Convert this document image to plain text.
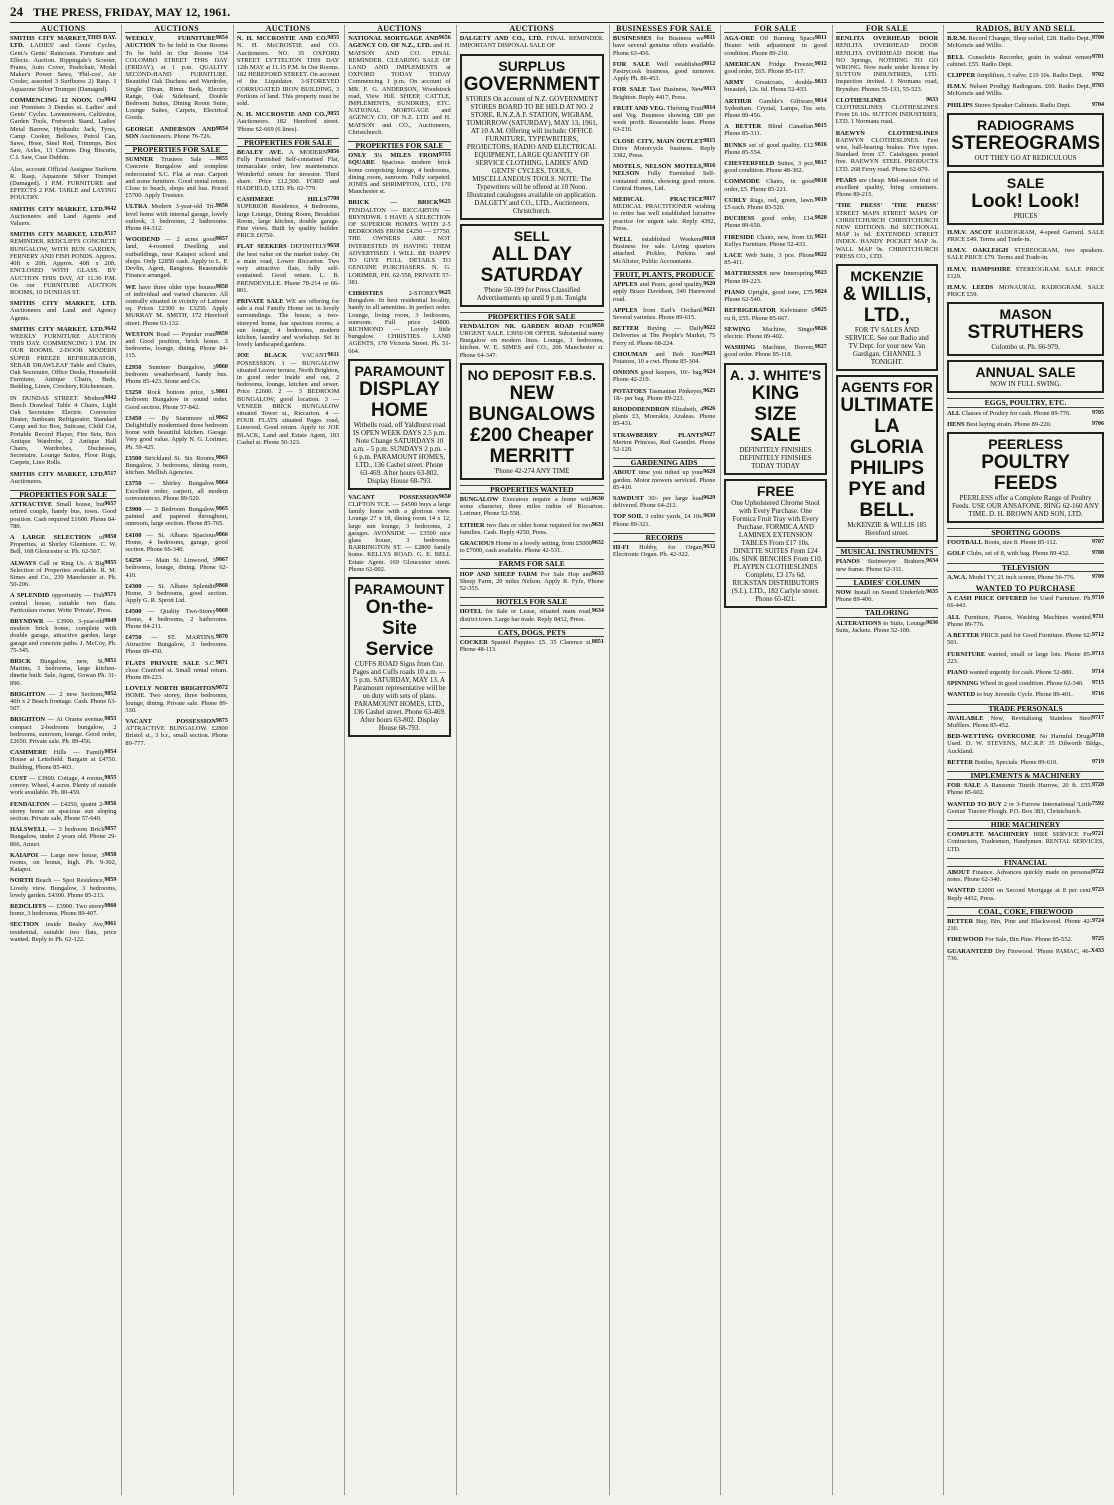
24 THE PRESS, FRIDAY, MAY 12, 1961.
AUCTIONS
THIS DAY.
SMITHS CITY MARKET, LTD. LADIES' and Gents' Cycles, Gent.'s Gents' Raincoats. Furniture and Effects. Auction. Rippingale's Scooter, Prams, Auto Cover, Pushchair, Model Maker's Power Saws, 'Phil-cos', Air Cooler, assorted 3 Surfbores 2) Rasp. 1 Aquazone Silver Trumpet (Damaged).
9842
COMMENCING 12 NOON. On our Premises 3 Dundas st. Ladies' and Gents' Cycles. Lawnmowers, Cultivator, Garden Tools, Fretwork Stand, Ladies' Metal Barrow, Hydraulic Jack, Tyres, Camp Cooker, Bellows, Petrol Can, Saws, Hose, Steel Rod, Trimmps, Box Saw, Axles, 13 Cartons Dog Biscuits, C.I. Saw, Case Dubbin.
Also, account Official Assignee Surform R. Rasp, Aquazone Silver Trumpet (Damaged). 1 P.M. FURNITURE and EFFECTS 2 P.M. TABLE and LAYING POULTRY.
9642
SMITHS CITY MARKET, LTD. Auctioneers and Land Agents and Valuers.
8517
SMITHS CITY MARKET, LTD. REMINDER. REDCLIFFS CONCRETE BUNGALOW, WITH BUN GARDEN, FERNERY AND FISH PONDS. Approx. 40ft x 20ft. Approx. 40ft x 20ft. ENCLOSED WITH GLASS. BY AUCTION THIS DAY, AT 11.30 P.M. On our FURNITURE AUCTION ROOMS, 10 DUNDAS ST.
SMITHS CITY MARKET, LTD. Auctioneers and Land and Agency Agents.
9642
SMITHS CITY MARKET, LTD. WEEKLY FURNITURE AUCTION THIS DAY. COMMENCING 1 P.M. IN OUR ROOMS. 2-DOOR MODERN SUPER FREEZE REFRIGERATOR, SEBAR DRAWLEAF Table and Chairs, Oak Secretaire, Office Desks, Household Furniture, Antique Chairs, Beds, Bedding, Linen, Crockery, Kitchenware.
9842
IN DUNDAS STREET. Modern Beech Drawleaf Table 4 Chairs, Light Oak Secretaire Electric Convector Heater, Sunbeam Refrigerator, Standard Camp and Ice Box, Suitcase, Child Cot, Portable Record Player, Fire Sets, Box Antique Wardrobe, 2 Antique Hall Chairs, Wardrobes, Duchesses, Secretaire, Lounge Suites, Floor Rugs, Carpets, Lino Rolls.
8517
SMITHS CITY MARKET, LTD. Auctioneers.
PROPERTIES FOR SALE
9657
ATTRACTIVE Small house, but retired couple, handy bus, town. Good position. Cash required £1600. Phone 84-780.
9850
A LARGE SELECTION of Properties, at Shirley Glenmore. C. W. Bell, 168 Gloucester st. Ph. 62-507.
9855
ALWAYS Call or Ring Us. A Big Selection of Properties available. R. M. Simes and Co., 239 Manchester st. Ph. 50-206.
9571
A SPLENDID opportunity — Fish central house, suitable two flats. Particulars owner. Write 'Private', Press.
9849
BRYNDWR — £3900. 3-year-old modern brick home, complete with double garage, attractive garden, large garage and concrete paths. J. McCoy, Ph. 75-345.
9851
BRICK Bungalow, new, St. Martins, 3 bedrooms, large kitchen-dinette built. Sale, Agent, Gowan Ph. 31-890.
9852
BRIGHTON — 2 new Sections, 40ft x 2 Beach frontage. Cash. Phone 63-507.
9853
BRIGHTON — At Orams avenue, compact 2-bedroom bungalow, 2 bedrooms, sunroom, lounge. Good order, £2650. Private sale. Ph. 89-456.
9854
CASHMERE Hills — Family House at Lettsfield. Bargain at £4750. Building, Phone 85-403.
9855
CUST — £3900. Cottage, 4 rooms, convey. Wheel, 4 acres. Plenty of outside work available. Ph. 80-459.
9856
FENDALTON — £4250, quaint 2-storey home on spacious sun sloping section. Private sale, Phone 57-640.
9857
HALSWELL — 3 bedroom Brick Bungalow, under 2 years old. Phone 29-866, Amuri.
9858
KAIAPOI — Large new house, 3 rooms, on bonus, high. Ph. 9-302, Kaiapoi.
9859
NORTH Beach — Spot Residence, Lovely view. Bungalow, 3 bedrooms, lovely garden. £4300. Phone 85-213.
9860
REDCLIFFS — £3900. Two storey home, 3 bedrooms. Phone 89-407.
9861
SECTION inside Bealey Ave, residential, suitable two flats, price wanted. Reply to Ph. 62-122.
AUCTIONS
9854
WEEKLY FURNITURE AUCTION To be held in Our Rooms To be held in Our Rooms 334 COLOMBO STREET THIS DAY (FRIDAY), at 1 p.m. QUALITY SECOND-HAND FURNITURE. Beautiful Oak Duchess and Wardrobe, Single Divan, Rimu Beds, Electric Range, Oak Sideboard, Double Bedroom Suites, Dining Room Suite, Lounge Suites, Carpets, Electrical Goods.
9854
GEORGE ANDERSON AND SON Auctioneers. Phone 76-726.
PROPERTIES FOR SALE
9855
SUMNER Trustees Sale — Concrete Bungalow and complete redecorated S.C. Flat at rear. Carport and some furniture. Good rental return. Close to beach, shops and bus. Priced £5700. Apply Trustees.
9856
ULTRA Modern 3-year-old Tri-level home with internal garage, lovely outlook, 3 bedrooms, 2 bathrooms. Phone 84-312.
9857
WOODEND — 2 acres good land, 4-roomed Dwelling and outbuildings, near Kaiapoi school and shops. Only £2850 cash. Apply to L. P. Devlin, Agent, Rangiora. Reasonable Finance arranged.
9858
WE have three older type houses of individual and varied character. All centrally situated in vicinity of Latimer sq. Prices £2300 to £3250. Apply MURRAY M. SMITH, 172 Hereford street. Phone 63-132.
9859
WESTON Road — Popular road and Good position, brick home. 3 bedrooms, lounge, dining. Phone 84-115.
9860
£2950 Summer Bungalow, 3 bedroom weatherboard, handy bus. Phone 85-423. Stone and Co.
9861
£3250 Rock bottom price, 3-bedroom Bungalow in sound order. Good section. Phone 57-842.
9862
£3450 — By Stammore rd. Delightfully modernised three bedroom home with beautiful kitchen. Garage. Very good value. Apply N. G. Lorimer, Ph. 59-425.
9863
£3500 Strickland St. Six Rooms, Bungalow, 3 bedrooms, dining room, kitchen. Mellish Agencies.
9864
£3750 — Shirley Bungalow. Excellent order, carport, all modern conveniences. Phone 89-520.
9865
£3900 — 3 Bedroom Bungalow, painted and papered throughout, sunroom, large section. Phone 85-765.
9866
£4100 — St. Albans Spacious Home, 4 bedrooms, garage, good section. Phone 66-340.
9867
£4250 — Main St. Linwood, 3 bedrooms, lounge, dining. Phone 62-410.
9868
£4300 — St. Albans Splendid Home, 3 bedrooms, good section. Apply G. R. Sprott Ltd.
9869
£4500 — Quality Two-Storey Home, 4 bedrooms, 2 bathrooms. Phone 84-211.
9870
£4750 — ST. MARTINS. Attractive Bungalow, 3 bedrooms. Phone 89-450.
9871
FLATS PRIVATE SALE S.C. close Cranford st. Small rental return. Phone 89-223.
9872
LOVELY NORTH BRIGHTON HOME. Two storey, three bedrooms, lounge, dining. Private sale. Phone 89-330.
9873
VACANT POSSESSION ATTRACTIVE BUNGALOW. £2800 Bristol st., 3 b.r., small section. Phone 89-777.
AUCTIONS
9855
N. H. MCCROSTIE AND CO. N. H. McCROSTIE and CO. Auctioneers. NO. 35 OXFORD STREET LYTTELTON THIS DAY 12th MAY at 11.15 P.M. In Our Rooms. 182 HEREFORD STREET. On account of the Liquidator. 3-STOREYED CORRUGATED IRON BUILDING, 3 Portions of land. This property must be sold.
9855
N. H. MCCROSTIE AND CO., Auctioneers. 182 Hereford street. 'Phone 62-669 (6 lines).
PROPERTIES FOR SALE
9856
BEALEY AVE. A MODERN Fully Furnished Self-contained Flat, immaculate order, low maintenance. Wonderful return for investor. Third share. Price £12,500. FORD and HADFIELD, LTD. Ph. 62-779.
7700
CASHMERE HILLS SUPERIOR Residence, 4 Bedrooms, large Lounge, Dining Room, Breakfast Room, large kitchen, double garage. Fine views. Built by quality builder. PRICE £6750.
9658
FLAT SEEKERS DEFINITELY the best value on the market today. On a main road, Lower Riccarton. Two very attractive flats, fully self-contained. Good return. L. B. PRENDEVILLE. Phone 78-214 or 66-801.
PRIVATE SALE WE are offering for sale a real Family Home set in lovely surroundings. The house, a two-storeyed home, has spacious rooms, a sun lounge, 4 bedrooms, modern kitchen, laundry and workshop. Set in lovely landscaped gardens.
9611
JOE BLACK VACANT POSSESSION. 1 — BUNGALOW situated Leaver terrace, North Brighton, in good order inside and out, 2 bedrooms, lounge, kitchen and sewer. Price £2600. 2 — 3 BEDROOM BUNGALOW, good location. 3 — VENEER BRICK BUNGALOW situated Tower st., Riccarton. 4 — FOUR FLATS situated Pages road, Linwood. Good return. Apply to: JOE BLACK, Land and Estate Agent, 183 Cashel st. Phone 50-323.
AUCTIONS
9656
NATIONAL MORTGAGE AND AGENCY CO. OF N.Z., LTD. and H. MATSON AND CO. FINAL REMINDER. CLEARING SALE OF LAND AND IMPLEMENTS at OXFORD TODAY TODAY Commencing 1 p.m. On account of MR. F. G. ANDERSON, Woodstock road, View Hill. SHEEP, CATTLE, IMPLEMENTS, SUNDRIES, ETC. NATIONAL MORTGAGE and AGENCY CO. OF N.Z. LTD. and H. MATSON and CO., Auctioneers, Christchurch.
PROPERTIES FOR SALE
9755
ONLY 3½ MILES FROM SQUARE Spacious modern brick home comprising lounge, 4 bedrooms, dining room, sunroom. Fully carpeted. JONES and SHRIMPTON, LTD., 170 Manchester st.
9625
BRICK — BRICK FENDALTON — RICCARTON — BRYNDWR. I HAVE A SELECTION OF SUPERIOR HOMES WITH 2-5 BEDROOMS FROM £4250 — £7750. THE OWNERS ARE NOT INTERESTED IN HAVING THEM ADVERTISED. I WILL BE HAPPY TO GIVE FULL DETAILS TO GENUINE PURCHASERS. N. G. LORIMER, PH. 62-558, PRIVATE 57-381.
9625
CHRISTIES	2-STOREY Bungalow. In best residential locality, handy to all amenities. In perfect order. Lounge, living room, 3 bedrooms, sunroom. Full price £4800. RICHMOND — Lovely little bungalow. CHRISTIES LAND AGENTS, 170 Victoria Street. Ph. 51-664.
PARAMOUNT
DISPLAY HOME
Withells road, off Yaldhurst road IS OPEN WEEK DAYS 2.5 p.m. Note Change SATURDAYS 10 a.m. - 5 p.m. SUNDAYS 2 p.m. - 6 p.m. PARAMOUNT HOMES, LTD., 136 Cashel street. Phone 63-469. After hours 63-802. Display House 68-793.
9650
VACANT POSSESSION CLIFTON TCE. — £4500 buys a large family home with a glorious view. Lounge 27 x 18, dining room 14 x 12, large sun lounge, 3 bedrooms, 2 garages. AVONSIDE — £3500 nice glass house, 3 bedrooms. BARRINGTON ST. — £2800 family home. KELLYS ROAD. G. E. BELL Estate Agent. 169 Gloucester street. Phone 62-002.
PARAMOUNT
On-the-Site Service
CUFFS ROAD Signs from Cnr. Pages and Cuffs roads 10 a.m. — 5 p.m. SATURDAY, MAY 13. A Paramount representative will be on duty with sets of plans. PARAMOUNT HOMES, LTD., 136 Cashel street. Phone 63-469. After hours 63-802. Display House 68-793.
AUCTIONS
DALGETY AND CO., LTD. FINAL REMINDER. IMPORTANT DISPOSAL SALE OF
SURPLUS
GOVERNMENT
STORES On account of N.Z. GOVERNMENT STORES BOARD TO BE HELD AT NO. 2 STORE, R.N.Z.A.F. STATION, WIGRAM, TOMORROW (SATURDAY), MAY 13, 1961, AT 10 A.M. Offering will include: OFFICE FURNITURE, TYPEWRITERS, PROJECTORS, RADIO AND ELECTRICAL EQUIPMENT, LARGE QUANTITY OF SERVICE CLOTHING, LADIES' AND GENTS' CYCLES, TOOLS, MISCELLANEOUS TOOLS. NOTE: The Typewriters will be offered at 10 Noon. Illustrated catalogues available on application. DALGETY and CO., LTD., Auctioneers, Christchurch.
SELL
ALL DAY SATURDAY
'Phone 50-199 for Press Classified Advertisements up until 9 p.m. Tonight
PROPERTIES FOR SALE
9658
FENDALTON NR. GARDEN ROAD FOR URGENT SALE. £3950 OR OFFER. Substantial sunny Bungalow on modern lines. Lounge, 3 bedrooms, kitchen. W. E. SIMES and CO., 206 Manchester st. Phone 64-347.
NO DEPOSIT F.B.S.
NEW BUNGALOWS £200 Cheaper MERRITT
'Phone 42-274 ANY TIME
PROPERTIES WANTED
9630
BUNGALOW Executors require a home with some character, three miles radius of Riccarton. Lorimer, Phone 52-558.
9631
EITHER two flats or older home required for two families. Cash. Reply 4250, Press.
9632
GRACIOUS Home in a lovely setting, from £5000 to £7000, cash available. Phone 42-531.
FARMS FOR SALE
9633
HOP AND SHEEP FARM For Sale Hop and Sheep Farm, 20 miles Nelson. Apply R. Fyfe, Phone 52-355.
HOTELS FOR SALE
9634
HOTEL for Sale or Lease, situated main road, district town. Large bar trade. Reply 8432, Press.
CATS, DOGS, PETS
8851
COCKER Spaniel Puppies. £5. 35 Clarence st. Phone 48-113.
BUSINESSES FOR SALE
9811
BUSINESSES for Business we have several genuine offers available. Phone 63-456.
9812
FOR SALE Well established Pastrycook business, good turnover. Apply Ph. 86-453.
9813
FOR SALE Taxi Business, New Brighton. Reply 4417, Press.
9814
FRUIT AND VEG. Thriving Fruit and Veg. Business showing £80 per week profit. Reasonable lease. Phone 63-216.
9815
CLOSE CITY, MAIN OUTLET Drive Motorcycle business. Reply 3382, Press.
9816
MOTELS, NELSON MOTELS, NELSON Fully Furnished Self-contained units, showing good return. Central Homes, Ltd.
9817
MEDICAL PRACTICE MEDICAL PRACTITIONER wishing to retire has well established lucrative practice for urgent sale. Reply 4392, Press.
9818
WELL established Weekend Business for sale. Living quarters attached. Pickles, Perkins and McAlister, Public Accountants.
FRUIT, PLANTS, PRODUCE
9620
APPLES and Pears, good quality, apply Bruce Davidson, 349 Harewood road.
9621
APPLES from Earl's Orchard. Several varieties. Phone 89-615.
9622
BETTER Buying — Daily Deliveries at The People's Market, 75 Ferry rd. Phone 68-224.
9623
CHOUMAN and Bob Kerr Potatoes, 10 a cwt. Phone 85-304.
9624
ONIONS good keepers, 10/- bag. Phone 42-210.
9625
POTATOES Tasmanian Pinkeyes, 18/- per bag. Phone 89-223.
9626
RHODODENDRON Elizabeth, 4 plants £3, Moerakis, Azaleas. Phone 85-431.
9627
STRAWBERRY PLANTS Merton Princess, Red Gauntlet. Phone 52-120.
GARDENING AIDS
9628
ABOUT time you tidied up your garden. Motor mowers serviced. Phone 85-410.
9629
SAWDUST 30/- per large load delivered. Phone 64-212.
9630
TOP SOIL 3 cubic yards, £4 10s. Phone 89-321.
RECORDS
9632
HI-FI Hobby, for Organ, Electronic Organ. Ph. 42-322.
FOR SALE
9811
AGA-ORE Oil Burning Space Heater with adjustment in good condition. Phone 89-210.
9812
AMERICAN Fridge Freezer, good order, £65. Phone 85-117.
9813
ARMY Greatcoats, double-breasted, 12s. 6d. Phone 52-433.
9814
ARTHUR Gamble's Giftware, Sydenham. Crystal, Lamps, Tea sets. Phone 89-456.
9815
A BETTER Blind Canadian. Phone 85-311.
9816
BUNKS set of good quality, £12. Phone 85-554.
9817
CHESTERFIELD Suites, 3 pce, good condition. Phone 48-302.
9818
COMMODE Chairs, in good order, £5. Phone 85-221.
9819
CURLY Rugs, red, green, lawn. £5 each. Phone 83-520.
9820
DUCHESS good order, £14. Phone 89-650.
9821
FIRESIDE Chairs, new, from £6. Kellys Furniture. Phone 52-433.
9822
LACE Web Suite, 3 pce. Phone 85-411.
9823
MATTRESSES new Innerspring. Phone 89-223.
9824
PIANO Upright, good tone, £75. Phone 62-540.
9825
REFRIGERATOR Kelvinator 6 cu ft, £55. Phone 85-667.
9826
SEWING Machine, Singer electric. Phone 89-402.
9827
WASHING Machine, Hoover, good order. Phone 85-118.
A. J. WHITE'S
KING SIZE SALE
DEFINITELY FINISHES DEFINITELY FINISHES TODAY TODAY
FREE
One Upholstered Chrome Stool with Every Purchase. One Formica Fruit Tray with Every Purchase. FORMICA AND LAMINEX EXTENSION TABLES From £17 10s. DINETTE SUITES From £24 10s. SINK BENCHES From £10. PLAYPEN CLOTHESLINES Complete, £3 17s 6d. RICKSTAN DISTRIBUTORS (S.I.), LTD., 182 Carlyle street. Phone 65-821.
FOR SALE
RENLITA OVERHEAD DOOR RENLITA OVERHEAD DOOR RENLITA OVERHEAD DOOR Has NO Springs, NOTHING TO GO WRONG. Now made under licence by SUTTON INDUSTRIES, LTD. Inspection invited. 1 Normans road, Bryndwr. Phones 55-133, 55-523.
9633
CLOTHESLINES CLOTHESLINES CLOTHESLINES From £6 10s. SUTTON INDUSTRIES, LTD. 1 Normans road.
RAEWYN CLOTHESLINES RAEWYN CLOTHESLINES. Feet wire, ball-bearing brakes. Five types. Standard from £7. Catalogues posted free. RAEWYN STEEL PRODUCTS LTD. 268 Ferry road. Phone 62-879.
PEARS are cheap. Mid-season fruit of excellent quality, bring containers. Phone 89-215.
'THE PRESS' 'THE PRESS' STREET MAPS STREET MAPS OF CHRISTCHURCH CHRISTCHURCH NEW EDITIONS. Bd SECTIONAL MAP 1s 6d. EXTENDED STREET INDEX. HANDY POCKET MAP 3s. WALL MAP 9s. CHRISTCHURCH PRESS CO., LTD.
MCKENZIE
& WILLIS, LTD.,
FOR TV SALES AND SERVICE. See our Radio and TV Dept. for your new Van Gardigan. CHANNEL 3 TONIGHT.
AGENTS FOR
ULTIMATE LA GLORIA PHILIPS PYE and BELL.
McKENZIE & WILLIS 185 Hereford street.
MUSICAL INSTRUMENTS
9634
PIANOS Steinweyer Brabern, new frame. Phone 62-311.
LADIES' COLUMN
9635
NOW Install on Sound Underfelt. Phone 89-400.
TAILORING
9636
ALTERATIONS to Suits, Lounge Suits, Jackets. Phone 52-100.
RADIOS, BUY AND SELL
9700
B.R.M. Record Changer, Shop soiled, £28. Radio Dept., McKenzie and Willis.
9701
BELL Consolette Recorder, grain in walnut veneer cabinet. £55. Radio Dept.
9702
CLIPPER Amplifiers, 3 valve. £19 10s. Radio Dept.
9703
H.M.V. Nelson Prodigy Radiogram. £69. Radio Dept., McKenzie and Willis.
9704
PHILIPS Stereo Speaker Cabinets. Radio Dept.
RADIOGRAMS
STEREOGRAMS
OUT THEY GO AT REDICULOUS
SALE
Look! Look!
PRICES
H.M.V. ASCOT RADIOGRAM, 4-speed Garrard. SALE PRICE £49. Terms and Trade-in.
H.M.V. OAKLEIGH STEREOGRAM, two speakers. SALE PRICE £79. Terms and Trade-in.
H.M.V. HAMPSHIRE STEREOGRAM. SALE PRICE £129.
H.M.V. LEEDS MONAURAL RADIOGRAM. SALE PRICE £59.
MASON
STRUTHERS
Colombo st. Ph. 66-979.
ANNUAL SALE
NOW IN FULL SWING.
EGGS, POULTRY, ETC.
9705
ALL Classes of Poultry for cash. Phone 89-776.
9706
HENS Best laying strain. Phone 89-220.
PEERLESS
POULTRY FEEDS
PEERLESS offer a Complete Range of Poultry Feeds. USE OUR ANSAFONE. RING 62-160 ANY TIME. D. H. BROWN AND SON, LTD.
SPORTING GOODS
9707
FOOTBALL Boots, size 8. Phone 85-112.
9708
GOLF Clubs, set of 8, with bag. Phone 89-432.
TELEVISION
9709
A.W.A. Model TV, 21 inch screen, Phone 56-776.
WANTED TO PURCHASE
9710
A CASH PRICE OFFERED for Used Furniture. Ph. 66-443.
9711
ALL Furniture, Pianos, Washing Machines wanted. Phone 89-776.
9712
A BETTER PRICE paid for Good Furniture. Phone 62-501.
9713
FURNITURE wanted, small or large lots. Phone 85-223.
9714
PIANO wanted urgently for cash. Phone 52-880.
9715
SPINNING Wheel in good condition. Phone 62-340.
9716
WANTED to buy Juvenile Cycle. Phone 89-401.
TRADE PERSONALS
9717
AVAILABLE Now, Revitalising Stainless Steel Mufflers. Phone 85-452.
9718
BED-WETTING OVERCOME No Harmful Drugs Used. D. W. STEVENS, M.C.R.P. 35 Dilworth Bldgs., Auckland.
9719
BETTER Bottles, Specials. Phone 89-610.
IMPLEMENTS & MACHINERY
9720
FOR SALE A Ransome Tineth Harrow, 20 ft. £55. Phone 85-602.
7592
WANTED TO BUY 2 or 3-Furrow International 'Little Genius' Tractor Plough. P.O. Box 383, Christchurch.
HIRE MACHINERY
9721
COMPLETE MACHINERY HIRE SERVICE For Contractors, Tradesmen, Handymen. RENTAL SERVICES, LTD.
FINANCIAL
9722
ABOUT Finance. Advances quickly made on personal notes. Phone 62-340.
9723
WANTED £2000 on Second Mortgage at 8 per cent. Reply 4432, Press.
COAL, COKE, FIREWOOD
9724
BETTER Buy, Bin, Pine and Blackwood. Phone 42-210.
9725
FIREWOOD For Sale, Bin Pine. Phone 85-552.
X433
GUARANTEED Dry Firewood. 'Phone PAMAC, 46-736.
